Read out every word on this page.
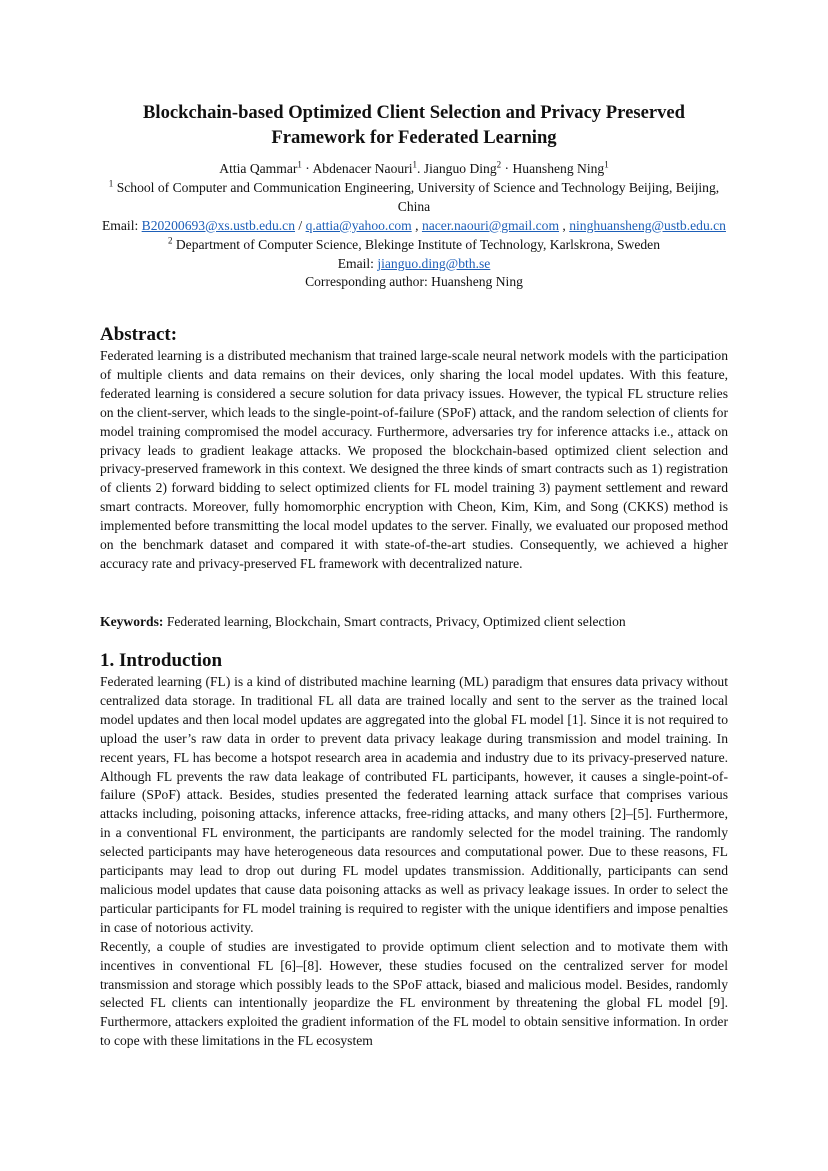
Blockchain-based Optimized Client Selection and Privacy Preserved Framework for Federated Learning
Attia Qammar$^1$ · Abdenacer Naouri$^1$. Jianguo Ding$^2$ · Huansheng Ning$^1$
$^1$ School of Computer and Communication Engineering, University of Science and Technology Beijing, Beijing, China
Email: B20200693@xs.ustb.edu.cn / q.attia@yahoo.com , nacer.naouri@gmail.com , ninghuansheng@ustb.edu.cn
$^2$ Department of Computer Science, Blekinge Institute of Technology, Karlskrona, Sweden
Email: jianguo.ding@bth.se
Corresponding author: Huansheng Ning
Abstract:
Federated learning is a distributed mechanism that trained large-scale neural network models with the participation of multiple clients and data remains on their devices, only sharing the local model updates. With this feature, federated learning is considered a secure solution for data privacy issues. However, the typical FL structure relies on the client-server, which leads to the single-point-of-failure (SPoF) attack, and the random selection of clients for model training compromised the model accuracy. Furthermore, adversaries try for inference attacks i.e., attack on privacy leads to gradient leakage attacks. We proposed the blockchain-based optimized client selection and privacy-preserved framework in this context. We designed the three kinds of smart contracts such as 1) registration of clients 2) forward bidding to select optimized clients for FL model training 3) payment settlement and reward smart contracts. Moreover, fully homomorphic encryption with Cheon, Kim, Kim, and Song (CKKS) method is implemented before transmitting the local model updates to the server. Finally, we evaluated our proposed method on the benchmark dataset and compared it with state-of-the-art studies. Consequently, we achieved a higher accuracy rate and privacy-preserved FL framework with decentralized nature.
Keywords: Federated learning, Blockchain, Smart contracts, Privacy, Optimized client selection
1. Introduction

Federated learning (FL) is a kind of distributed machine learning (ML) paradigm that ensures data privacy without centralized data storage. In traditional FL all data are trained locally and sent to the server as the trained local model updates and then local model updates are aggregated into the global FL model [1]. Since it is not required to upload the user’s raw data in order to prevent data privacy leakage during transmission and model training. In recent years, FL has become a hotspot research area in academia and industry due to its privacy-preserved nature. Although FL prevents the raw data leakage of contributed FL participants, however, it causes a single-point-of-failure (SPoF) attack. Besides, studies presented the federated learning attack surface that comprises various attacks including, poisoning attacks, inference attacks, free-riding attacks, and many others [2]–[5]. Furthermore, in a conventional FL environment, the participants are randomly selected for the model training. The randomly selected participants may have heterogeneous data resources and computational power. Due to these reasons, FL participants may lead to drop out during FL model updates transmission. Additionally, participants can send malicious model updates that cause data poisoning attacks as well as privacy leakage issues. In order to select the particular participants for FL model training is required to register with the unique identifiers and impose penalties in case of notorious activity.

Recently, a couple of studies are investigated to provide optimum client selection and to motivate them with incentives in conventional FL [6]–[8]. However, these studies focused on the centralized server for model transmission and storage which possibly leads to the SPoF attack, biased and malicious model. Besides, randomly selected FL clients can intentionally jeopardize the FL environment by threatening the global FL model [9]. Furthermore, attackers exploited the gradient information of the FL model to obtain sensitive information. In order to cope with these limitations in the FL ecosystem
